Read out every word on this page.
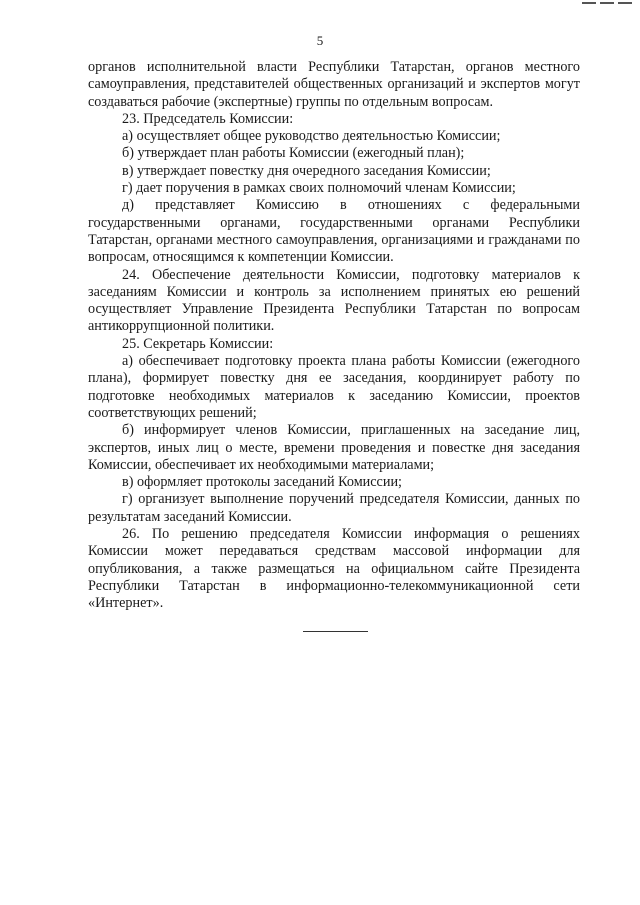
5

органов исполнительной власти Республики Татарстан, органов местного самоуправления, представителей общественных организаций и экспертов могут создаваться рабочие (экспертные) группы по отдельным вопросам.

23. Председатель Комиссии:

а) осуществляет общее руководство деятельностью Комиссии;

б) утверждает план работы Комиссии (ежегодный план);

в) утверждает повестку дня очередного заседания Комиссии;

г) дает поручения в рамках своих полномочий членам Комиссии;

д) представляет Комиссию в отношениях с федеральными государственными органами, государственными органами Республики Татарстан, органами местного самоуправления, организациями и гражданами по вопросам, относящимся к компетенции Комиссии.

24. Обеспечение деятельности Комиссии, подготовку материалов к заседаниям Комиссии и контроль за исполнением принятых ею решений осуществляет Управление Президента Республики Татарстан по вопросам антикоррупционной политики.

25. Секретарь Комиссии:

а) обеспечивает подготовку проекта плана работы Комиссии (ежегодного плана), формирует повестку дня ее заседания, координирует работу по подготовке необходимых материалов к заседанию Комиссии, проектов соответствующих решений;

б) информирует членов Комиссии, приглашенных на заседание лиц, экспертов, иных лиц о месте, времени проведения и повестке дня заседания Комиссии, обеспечивает их необходимыми материалами;

в) оформляет протоколы заседаний Комиссии;

г) организует выполнение поручений председателя Комиссии, данных по результатам заседаний Комиссии.

26. По решению председателя Комиссии информация о решениях Комиссии может передаваться средствам массовой информации для опубликования, а также размещаться на официальном сайте Президента Республики Татарстан в информационно-телекоммуникационной сети «Интернет».
